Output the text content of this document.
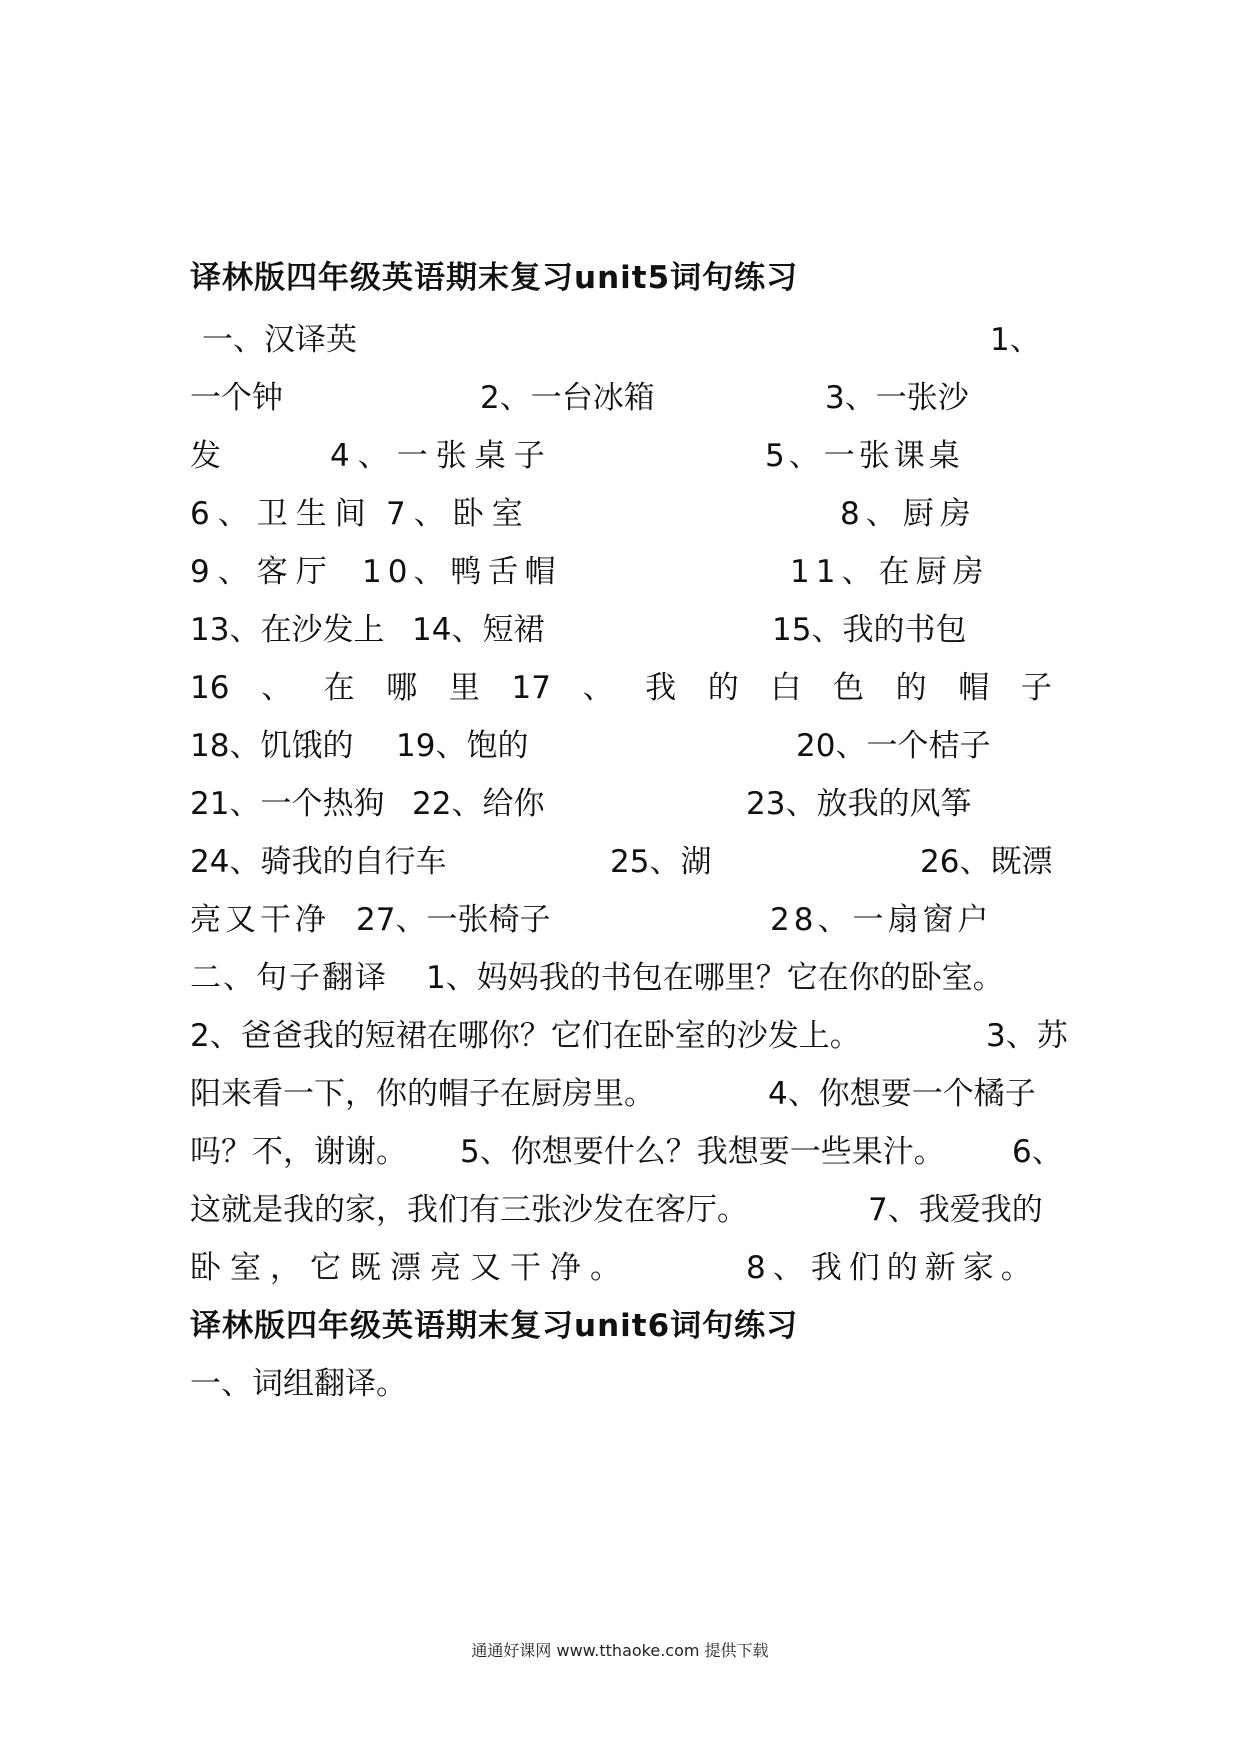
译林版四年级英语期末复习unit5词句练习
一、汉译英	1、
一个钟	2、一台冰箱	3、一张沙
发	4、一张桌子	5、一张课桌
6、卫生间 7、卧室	8、厨房
9、客厅 10、鸭舌帽	11、在厨房
13、在沙发上 14、短裙	15、我的书包
16 、 在 哪 里 17 、 我 的 白 色 的 帽 子
18、饥饿的 19、饱的	20、一个桔子
21、一个热狗 22、给你	23、放我的风筝
24、骑我的自行车	25、湖	26、既漂
亮又干净 27、一张椅子	28、一扇窗户
二、句子翻译 1、妈妈我的书包在哪里？它在你的卧室。
2、爸爸我的短裙在哪你？它们在卧室的沙发上。	3、苏
阳来看一下，你的帽子在厨房里。	4、你想要一个橘子
吗？不，谢谢。 5、你想要什么？我想要一些果汁。 6、
这就是我的家，我们有三张沙发在客厅。	7、我爱我的
卧室，它既漂亮又干净。	8、我们的新家。
译林版四年级英语期末复习unit6词句练习
一、词组翻译。
通通好课网 www.tthaoke.com 提供下载
